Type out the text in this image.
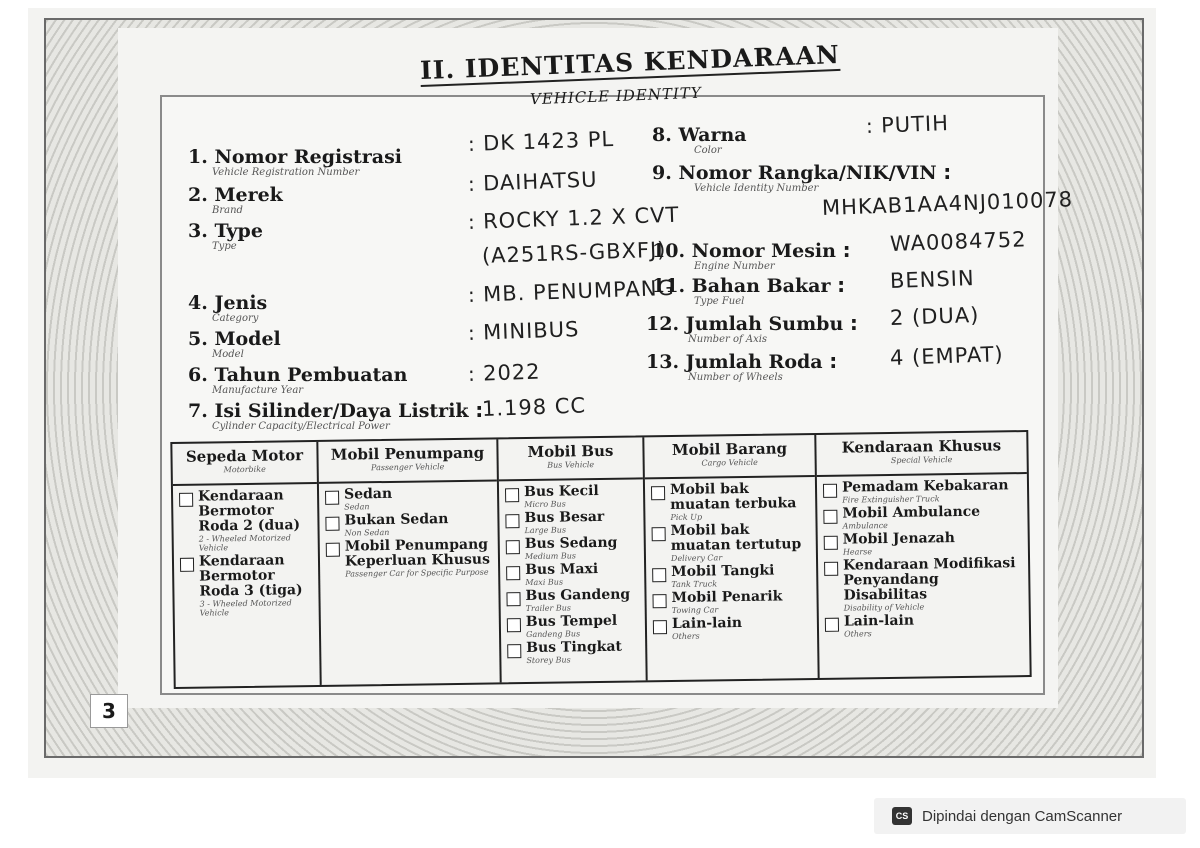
II. IDENTITAS KENDARAAN
VEHICLE IDENTITY
1. Nomor Registrasi
Vehicle Registration Number
2. Merek
Brand
3. Type
Type
4. Jenis
Category
5. Model
Model
6. Tahun Pembuatan
Manufacture Year
7. Isi Silinder/Daya Listrik :
Cylinder Capacity/Electrical Power
: DK 1423 PL
: DAIHATSU
: ROCKY 1.2 X CVT
(A251RS-GBXFJ)
: MB. PENUMPANG
: MINIBUS
: 2022
1.198 CC
8. Warna
Color
9. Nomor Rangka/NIK/VIN :
Vehicle Identity Number
10. Nomor Mesin :
Engine Number
11. Bahan Bakar :
Type Fuel
12. Jumlah Sumbu :
Number of Axis
13. Jumlah Roda :
Number of Wheels
: PUTIH
MHKAB1AA4NJ010078
WA0084752
BENSIN
2 (DUA)
4 (EMPAT)
Sepeda Motor
Motorbike
Kendaraan Bermotor Roda 2 (dua)
2 - Wheeled Motorized Vehicle
Kendaraan Bermotor Roda 3 (tiga)
3 - Wheeled Motorized Vehicle
Mobil Penumpang
Passenger Vehicle
Sedan
Sedan
Bukan Sedan
Non Sedan
Mobil Penumpang Keperluan Khusus
Passenger Car for Specific Purpose
Mobil Bus
Bus Vehicle
Bus Kecil
Micro Bus
Bus Besar
Large Bus
Bus Sedang
Medium Bus
Bus Maxi
Maxi Bus
Bus Gandeng
Trailer Bus
Bus Tempel
Gandeng Bus
Bus Tingkat
Storey Bus
Mobil Barang
Cargo Vehicle
Mobil bak muatan terbuka
Pick Up
Mobil bak muatan tertutup
Delivery Car
Mobil Tangki
Tank Truck
Mobil Penarik
Towing Car
Lain-lain
Others
Kendaraan Khusus
Special Vehicle
Pemadam Kebakaran
Fire Extinguisher Truck
Mobil Ambulance
Ambulance
Mobil Jenazah
Hearse
Kendaraan Modifikasi Penyandang Disabilitas
Disability of Vehicle
Lain-lain
Others
3
CS Dipindai dengan CamScanner
